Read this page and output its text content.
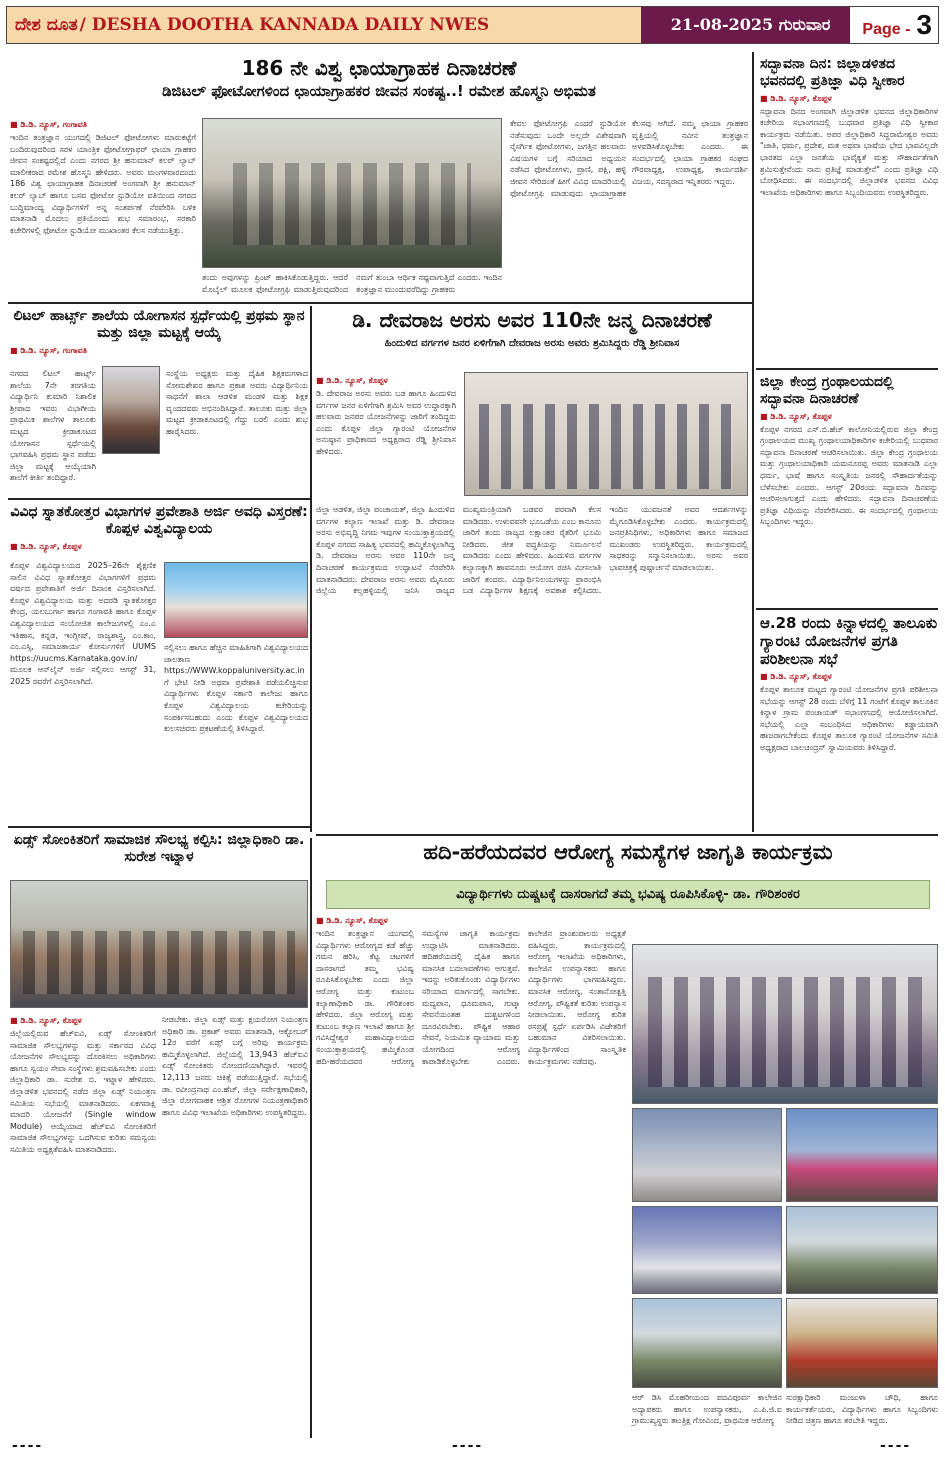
ದೇಶ ದೂತ / DESHA DOOTHA KANNADA DAILY NWES	21-08-2025 ಗುರುವಾರ	Page - 3
186 ನೇ ವಿಶ್ವ ಛಾಯಾಗ್ರಾಹಕ ದಿನಾಚರಣೆ
ಡಿಜಿಟಲ್ ಫೋಟೋಗಳಿಂದ ಛಾಯಾಗ್ರಾಹಕರ ಜೀವನ ಸಂಕಷ್ಟ..! ರಮೇಶ ಹೊಸ್ಮನಿ ಅಭಿಮತ
■ ಡಿ.ಡಿ. ನ್ಯೂಸ್, ಗಂಗಾವತಿ
ಇಂದಿನ ತಂತ್ರಜ್ಞಾನ ಯುಗದಲ್ಲಿ ಡಿಜಿಟಲ್ ಫೋಟೋಗಳು ಮಾರುಕಟ್ಟೆಗೆ ಬಂದಿರುವುದರಿಂದ ಸರಳ ಯಾಂತ್ರಿಕ ಫೋಟೋಗ್ರಾಫರ್ ಛಾಯಾ ಗ್ರಾಹಕರ ಜೀವನ ಸಂಕಷ್ಟದಲ್ಲಿದೆ ಎಂದು ನಗರದ ಶ್ರೀ ಹನುಮಾನ್ ಕಲರ್ ಲ್ಯಾಬ್ ಮಾಲೀಕರಾದ ರಮೇಶ ಹೊಸ್ಮನಿ ಹೇಳಿದರು. ಅವರು ಮಂಗಳವಾರದಂದು 186 ವಿಶ್ವ ಛಾಯಾಗ್ರಾಹಕ ದಿನಾಚರಣೆ ಅಂಗವಾಗಿ ಶ್ರೀ ಹನುಮಾನ್ ಕಲರ್ ಲ್ಯಾಬ್ ಹಾಗೂ ಬಸವ ಫೋಟೋ ಸ್ಟುಡಿಯೋ ವತಿಯಿಂದ ನಗರದ ಬುದ್ಧಿಮಾಂದ್ಯ ವಿದ್ಯಾರ್ಥಿಗಳಿಗೆ ಅನ್ನ ಸಂತರ್ಪಣೆ ನೆರವೇರಿಸಿ ಬಳಿಕ ಮಾತನಾಡಿ ಮೊದಲು ಪ್ರತಿಯೊಂದು ಶುಭ ಸಮಾರಂಭ, ಸರಕಾರಿ ಕಚೇರಿಗಳಲ್ಲಿ ಫೋಟೋ ಸ್ಟುಡಿಯೋ ಮುಖಾಂತರ ಕೆಲಸ ನಡೆಯುತ್ತಿತ್ತು.
ತಂದು ಅವುಗಳನ್ನು ಪ್ರಿಂಟ್ ಹಾಕಿಸಿಕೊಡುತ್ತಿದ್ದರು. ಆದರೆ ಮೊಬೈಲ್ ಮೂಲಕ ಫೋಟೋಗ್ರಫಿ ಮಾಡುತ್ತಿರುವುದರಿಂದ ನಮಗೆ ತುಂಬಾ ಆರ್ಥಿಕ ನಷ್ಟವಾಗುತ್ತಿದೆ ಎಂದರು. ಇಂದಿನ ತಂತ್ರಜ್ಞಾನ ಮುಂದುವರೆದಿದ್ದು ಗ್ರಾಹಕರು
ಕೇವಲ ಫೋಟೋಗ್ರಫಿ ಎಂದರೆ ಸ್ಟುಡಿಯೋ ನಡೆಸುವುದು ಒಂದೇ ಅಲ್ಲದೇ ವಿಶೇಷವಾಗಿ ನೈಸರ್ಗಿಕ ಫೋಟೋಗಳು, ಜಗತ್ತಿನ ಹಲವಾರು ವಿಷಯಗಳ ಬಗ್ಗೆ ಸರಿಯಾದ ಅಧ್ಯಯನ ನಡೆಸಿದ ಫೋಟೋಗಳು, ಪ್ರಾಣಿ, ಪಕ್ಷಿ, ಹಳ್ಳಿ ಜೀವನ ಸೇರಿದಂತೆ ಹೀಗೆ ವಿವಿಧ ಮಾದರಿಯಲ್ಲಿ ಫೋಟೋಗ್ರಫಿ ಮಾಡುವುದು ಛಾಯಾಗ್ರಾಹಕ ಕೆಲಸವು ಆಗಿದೆ. ನಮ್ಮ ಛಾಯಾ ಗ್ರಾಹಕರ ವೃತ್ತಿಯಲ್ಲಿ ನವೀನ ತಂತ್ರಜ್ಞಾನ ಅಳವಡಿಸಿಕೊಳ್ಳಬೇಕು ಎಂದರು. ಈ ಸಂದರ್ಭದಲ್ಲಿ ಛಾಯಾ ಗ್ರಾಹಕರ ಸಂಘದ ಗೌರವಾಧ್ಯಕ್ಷ, ಉಪಾಧ್ಯಕ್ಷ, ಕಾರ್ಯದರ್ಶಿ ವಿಜಯ, ಸದಸ್ಯರಾದ ಇನ್ನಿತರರು ಇದ್ದರು.
ಸದ್ಭಾವನಾ ದಿನ: ಜಿಲ್ಲಾಡಳಿತದ ಭವನದಲ್ಲಿ ಪ್ರತಿಜ್ಞಾ ವಿಧಿ ಸ್ವೀಕಾರ
■ ಡಿ.ಡಿ. ನ್ಯೂಸ್, ಕೊಪ್ಪಳ
ಸದ್ಭಾವನಾ ದಿನದ ಅಂಗವಾಗಿ ಜಿಲ್ಲಾಡಳಿತ ಭವನದ ಜಿಲ್ಲಾಧಿಕಾರಿಗಳ ಕಚೇರಿಯ ಸಭಾಂಗಣದಲ್ಲಿ ಬುಧವಾರ ಪ್ರತಿಜ್ಞಾ ವಿಧಿ ಸ್ವೀಕಾರ ಕಾರ್ಯಕ್ರಮ ನಡೆಯಿತು. ಅಪರ ಜಿಲ್ಲಾಧಿಕಾರಿ ಸಿದ್ದರಾಮೇಶ್ವರ ಅವರು "ಜಾತಿ, ಧರ್ಮ, ಪ್ರದೇಶ, ಮತ ಅಥವಾ ಭಾಷೆಯ ಭೇದ ಭಾವವಿಲ್ಲದೇ ಭಾರತದ ಎಲ್ಲಾ ಜನತೆಯ ಭಾವೈಕ್ಯತೆ ಮತ್ತು ಸೌಹಾರ್ದತೆಗಾಗಿ ಶ್ರಮಿಸುತ್ತೇನೆಂದು ನಾನು ಪ್ರತಿಜ್ಞೆ ಮಾಡುತ್ತೇನೆ" ಎಂದು ಪ್ರತಿಜ್ಞಾ ವಿಧಿ ಬೋಧಿಸಿದರು. ಈ ಸಂದರ್ಭದಲ್ಲಿ ಜಿಲ್ಲಾಡಳಿತ ಭವನದ ವಿವಿಧ ಇಲಾಖೆಯ ಅಧಿಕಾರಿಗಳು ಹಾಗೂ ಸಿಬ್ಬಂದಿಯವರು ಉಪಸ್ಥಿತರಿದ್ದರು.
ಜಿಲ್ಲಾ ಕೇಂದ್ರ ಗ್ರಂಥಾಲಯದಲ್ಲಿ ಸದ್ಭಾವನಾ ದಿನಾಚರಣೆ
■ ಡಿ.ಡಿ. ನ್ಯೂಸ್, ಕೊಪ್ಪಳ
ಕೊಪ್ಪಳ ನಗರದ ಎಸ್.ಬಿ.ಹೆಚ್ ಕಾಲೋನಿಯಲ್ಲಿರುವ ಜಿಲ್ಲಾ ಕೇಂದ್ರ ಗ್ರಂಥಾಲಯದ ಮುಖ್ಯ ಗ್ರಂಥಾಲಯಾಧಿಕಾರಿಗಳ ಕಚೇರಿಯಲ್ಲಿ ಬುಧವಾರ ಸದ್ಭಾವನಾ ದಿನಾಚರಣೆ ಆಚರಿಸಲಾಯಿತು. ಜಿಲ್ಲಾ ಕೇಂದ್ರ ಗ್ರಂಥಾಲಯ ಮತ್ತು ಗ್ರಂಥಾಲಯಾಧಿಕಾರಿ ಯಮನೂರಪ್ಪ ಅವರು ಮಾತನಾಡಿ ಎಲ್ಲಾ ಧರ್ಮ, ಭಾಷೆ ಹಾಗೂ ಸಂಸ್ಕೃತಿಯ ಜನರಲ್ಲಿ ಸೌಹಾರ್ದತೆಯನ್ನು ಬೆಳೆಸಬೇಕು ಎಂದರು. ಆಗಸ್ಟ್ 20ರಂದು ಸದ್ಭಾವನಾ ದಿನವನ್ನು ಆಚರಿಸಲಾಗುತ್ತದೆ ಎಂದು ಹೇಳಿದರು. ಸದ್ಭಾವನಾ ದಿನಾಚರಣೆಯ ಪ್ರತಿಜ್ಞಾ ವಿಧಿಯನ್ನು ನೆರವೇರಿಸಿದರು. ಈ ಸಂದರ್ಭದಲ್ಲಿ ಗ್ರಂಥಾಲಯ ಸಿಬ್ಬಂದಿಗಳು ಇದ್ದರು.
ಆ.28 ರಂದು ಕಿನ್ನಾಳದಲ್ಲಿ ತಾಲೂಕು ಗ್ಯಾರಂಟಿ ಯೋಜನೆಗಳ ಪ್ರಗತಿ ಪರಿಶೀಲನಾ ಸಭೆ
■ ಡಿ.ಡಿ. ನ್ಯೂಸ್, ಕೊಪ್ಪಳ
ಕೊಪ್ಪಳ ತಾಲೂಕ ಮಟ್ಟದ ಗ್ಯಾರಂಟಿ ಯೋಜನೆಗಳ ಪ್ರಗತಿ ಪರಿಶೀಲನಾ ಸಭೆಯನ್ನು ಆಗಸ್ಟ್ 28 ರಂದು ಬೆಳಿಗ್ಗೆ 11 ಗಂಟೆಗೆ ಕೊಪ್ಪಳ ತಾಲೂಕಿನ ಕಿನ್ನಾಳ ಗ್ರಾಮ ಪಂಚಾಯತ್ ಸಭಾಂಗಣದಲ್ಲಿ ಆಯೋಜಿಸಲಾಗಿದೆ. ಸಭೆಯಲ್ಲಿ ಎಲ್ಲಾ ಸಂಬಂಧಿಸಿದ ಅಧಿಕಾರಿಗಳು ಕಡ್ಡಾಯವಾಗಿ ಹಾಜರಾಗಬೇಕೆಂದು ಕೊಪ್ಪಳ ತಾಲೂಕ ಗ್ಯಾರಂಟಿ ಯೋಜನೆಗಳ ಸಮಿತಿ ಅಧ್ಯಕ್ಷರಾದ ಬಾಲಚಂದ್ರನ್ ಸ್ವಾಮಿಯವರು ತಿಳಿಸಿದ್ದಾರೆ.
ಲಿಟಲ್ ಹಾರ್ಟ್ಸ್ ಶಾಲೆಯ ಯೋಗಾಸನ ಸ್ಪರ್ಧೆಯಲ್ಲಿ ಪ್ರಥಮ ಸ್ಥಾನ ಮತ್ತು ಜಿಲ್ಲಾ ಮಟ್ಟಕ್ಕೆ ಆಯ್ಕೆ
■ ಡಿ.ಡಿ. ನ್ಯೂಸ್, ಗಂಗಾವತಿ
ನಗರದ ಲಿಟಲ್ ಹಾರ್ಟ್ಸ್ ಶಾಲೆಯ 7ನೇ ತರಗತಿಯ ವಿದ್ಯಾರ್ಥಿನಿ ಕುಮಾರಿ ನಿಶಾಲಿಕ ಶ್ರೀಪಾದ ಇವರು ವಿಭಾಗೀಯ ಪ್ರಾಥಮಿಕ ಶಾಲೆಗಳ ತಾಲೂಕು ಮಟ್ಟದ ಕ್ರೀಡಾಕೂಟದ ಯೋಗಾಸನ ಸ್ಪರ್ಧೆಯಲ್ಲಿ ಭಾಗವಹಿಸಿ ಪ್ರಥಮ ಸ್ಥಾನ ಪಡೆದು ಜಿಲ್ಲಾ ಮಟ್ಟಕ್ಕೆ ಆಯ್ಕೆಯಾಗಿ ಶಾಲೆಗೆ ಕೀರ್ತಿ ತಂದಿದ್ದಾರೆ.
ಸಂಸ್ಥೆಯ ಅಧ್ಯಕ್ಷರು ಮತ್ತು ದೈಹಿಕ ಶಿಕ್ಷಕರುಗಳಾದ ಸೋಮಶೇಖರ ಹಾಗೂ ಪ್ರಕಾಶ ಅವರು ವಿದ್ಯಾರ್ಥಿನಿಯ ಸಾಧನೆಗೆ ಶಾಲಾ ಆಡಳಿತ ಮಂಡಳಿ ಮತ್ತು ಶಿಕ್ಷಕ ವೃಂದದವರು ಅಭಿನಂದಿಸಿದ್ದಾರೆ. ತಾಲೂಕು ಮತ್ತು ಜಿಲ್ಲಾ ಮಟ್ಟದ ಕ್ರೀಡಾಕೂಟದಲ್ಲಿ ಗೆದ್ದು ಬರಲಿ ಎಂದು ಶುಭ ಹಾರೈಸಿದರು.
ವಿವಿಧ ಸ್ನಾತಕೋತ್ತರ ವಿಭಾಗಗಳ ಪ್ರವೇಶಾತಿ ಅರ್ಜಿ ಅವಧಿ ವಿಸ್ತರಣೆ: ಕೊಪ್ಪಳ ವಿಶ್ವವಿದ್ಯಾಲಯ
■ ಡಿ.ಡಿ. ನ್ಯೂಸ್, ಕೊಪ್ಪಳ
ಕೊಪ್ಪಳ ವಿಶ್ವವಿದ್ಯಾಲಯದ 2025–26ನೇ ಶೈಕ್ಷಣಿಕ ಸಾಲಿನ ವಿವಿಧ ಸ್ನಾತಕೋತ್ತರ ವಿಭಾಗಗಳಿಗೆ ಪ್ರಥಮ ವರ್ಷದ ಪ್ರವೇಶಾತಿಗೆ ಅರ್ಜಿ ದಿನಾಂಕ ವಿಸ್ತರಿಸಲಾಗಿದೆ. ಕೊಪ್ಪಳ ವಿಶ್ವವಿದ್ಯಾಲಯ ಮತ್ತು ಅದರಡಿ ಸ್ನಾತಕೋತ್ತರ ಕೇಂದ್ರ, ಯಲಬುರ್ಗಾ ಹಾಗೂ ಗಂಗಾವತಿ ಹಾಗೂ ಕೊಪ್ಪಳ ವಿಶ್ವವಿದ್ಯಾಲಯದ ಸಂಯೋಜಿತ ಕಾಲೇಜುಗಳಲ್ಲಿ ಎಂ.ಎ ಇತಿಹಾಸ, ಕನ್ನಡ, ಇಂಗ್ಲೀಷ್, ರಾಜ್ಯಶಾಸ್ತ್ರ, ಎಂ.ಕಾಂ, ಎಂ.ಎಸ್ಸಿ, ಸಮಾಜಕಾರ್ಯ ಕೋರ್ಸುಗಳಿಗೆ UUMS https://uucms.Karnataka.gov.in/ ಮೂಲಕ ಆನ್‌ಲೈನ್ ಅರ್ಜಿ ಸಲ್ಲಿಸಲು ಆಗಸ್ಟ್ 31, 2025 ರವರೆಗೆ ವಿಸ್ತರಿಸಲಾಗಿದೆ.
ಸಲ್ಲಿಸಲು ಹಾಗೂ ಹೆಚ್ಚಿನ ಮಾಹಿತಿಗಾಗಿ ವಿಶ್ವವಿದ್ಯಾಲಯದ ಜಾಲತಾಣ https://WWW.koppaluniversity.ac.in ಗೆ ಭೇಟಿ ನೀಡಿ ಅಥವಾ ಪ್ರವೇಶಾತಿ ಪಡೆಯಲಿಚ್ಚಿಸುವ ವಿದ್ಯಾರ್ಥಿಗಳು ಕೊಪ್ಪಳ ಸರ್ಕಾರಿ ಕಾಲೇಜು ಹಾಗೂ ಕೊಪ್ಪಳ ವಿಶ್ವವಿದ್ಯಾಲಯ ಕಚೇರಿಯನ್ನು ಸಂಪರ್ಕಿಸಬಹುದು ಎಂದು ಕೊಪ್ಪಳ ವಿಶ್ವವಿದ್ಯಾಲಯದ ಕುಲಸಚಿವರು ಪ್ರಕಟಣೆಯಲ್ಲಿ ತಿಳಿಸಿದ್ದಾರೆ.
ಡಿ. ದೇವರಾಜ ಅರಸು ಅವರ 110ನೇ ಜನ್ಮ ದಿನಾಚರಣೆ
ಹಿಂದುಳಿದ ವರ್ಗಗಳ ಜನರ ಏಳಿಗೆಗಾಗಿ ದೇವರಾಜ ಅರಸು ಅವರು ಶ್ರಮಿಸಿದ್ದರು ರೆಡ್ಡಿ ಶ್ರೀನಿವಾಸ
■ ಡಿ.ಡಿ. ನ್ಯೂಸ್, ಕೊಪ್ಪಳ
ಡಿ. ದೇವರಾಜ ಅರಸು ಅವರು ಬಡ ಹಾಗೂ ಹಿಂದುಳಿದ ವರ್ಗಗಳ ಜನರ ಏಳಿಗೆಗಾಗಿ ಶ್ರಮಿಸಿ ಅವರ ಉದ್ಧಾರಕ್ಕಾಗಿ ಹಲವಾರು ಜನಪರ ಯೋಜನೆಗಳನ್ನು ಜಾರಿಗೆ ತಂದಿದ್ದರು ಎಂದು ಕೊಪ್ಪಳ ಜಿಲ್ಲಾ ಗ್ಯಾರಂಟಿ ಯೋಜನೆಗಳ ಅನುಷ್ಠಾನ ಪ್ರಾಧಿಕಾರದ ಅಧ್ಯಕ್ಷರಾದ ರೆಡ್ಡಿ ಶ್ರೀನಿವಾಸ ಹೇಳಿದರು.
ಜಿಲ್ಲಾ ಆಡಳಿತ, ಜಿಲ್ಲಾ ಪಂಚಾಯತ್, ಜಿಲ್ಲಾ ಹಿಂದುಳಿದ ವರ್ಗಗಳ ಕಲ್ಯಾಣ ಇಲಾಖೆ ಮತ್ತು ಡಿ. ದೇವರಾಜ ಅರಸು ಅಭಿವೃದ್ಧಿ ನಿಗಮ ಇವುಗಳ ಸಂಯುಕ್ತಾಶ್ರಯದಲ್ಲಿ ಕೊಪ್ಪಳ ನಗರದ ಸಾಹಿತ್ಯ ಭವನದಲ್ಲಿ ಹಮ್ಮಿಕೊಳ್ಳಲಾಗಿದ್ದ ಡಿ. ದೇವರಾಜ ಅರಸು ಅವರ 110ನೇ ಜನ್ಮ ದಿನಾಚರಣೆ ಕಾರ್ಯಕ್ರಮದ ಉದ್ಘಾಟನೆ ನೆರವೇರಿಸಿ ಮಾತನಾಡಿದರು. ದೇವರಾಜ ಅರಸು ಅವರು ಮೈಸೂರು ಜಿಲ್ಲೆಯ ಕಲ್ಲಹಳ್ಳಿಯಲ್ಲಿ ಜನಿಸಿ ರಾಜ್ಯದ ಮುಖ್ಯಮಂತ್ರಿಯಾಗಿ ಬಡವರ ಪರವಾಗಿ ಕೆಲಸ ಮಾಡಿದರು. ಉಳುವವನೇ ಭೂಒಡೆಯ ಎಂಬ ಕಾನೂನು ಜಾರಿಗೆ ತಂದು ರಾಜ್ಯದ ಲಕ್ಷಾಂತರ ರೈತರಿಗೆ ಭೂಮಿ ನೀಡಿದರು. ಜೀತ ಪದ್ಧತಿಯನ್ನು ನಿರ್ಮೂಲನೆ ಮಾಡಿದರು ಎಂದು ಹೇಳಿದರು. ಹಿಂದುಳಿದ ವರ್ಗಗಳ ಕಲ್ಯಾಣಕ್ಕಾಗಿ ಹಾವನೂರು ಆಯೋಗ ರಚಿಸಿ ಮೀಸಲಾತಿ ಜಾರಿಗೆ ತಂದರು. ವಿದ್ಯಾರ್ಥಿನಿಲಯಗಳನ್ನು ಪ್ರಾರಂಭಿಸಿ ಬಡ ವಿದ್ಯಾರ್ಥಿಗಳ ಶಿಕ್ಷಣಕ್ಕೆ ಅವಕಾಶ ಕಲ್ಪಿಸಿದರು. ಇಂದಿನ ಯುವಜನತೆ ಅವರ ಆದರ್ಶಗಳನ್ನು ಮೈಗೂಡಿಸಿಕೊಳ್ಳಬೇಕು ಎಂದರು. ಕಾರ್ಯಕ್ರಮದಲ್ಲಿ ಜನಪ್ರತಿನಿಧಿಗಳು, ಅಧಿಕಾರಿಗಳು ಹಾಗೂ ಸಮಾಜದ ಮುಖಂಡರು ಉಪಸ್ಥಿತರಿದ್ದರು. ಕಾರ್ಯಕ್ರಮದಲ್ಲಿ ಸಾಧಕರನ್ನು ಸನ್ಮಾನಿಸಲಾಯಿತು. ಅರಸು ಅವರ ಭಾವಚಿತ್ರಕ್ಕೆ ಪುಷ್ಪಾರ್ಚನೆ ಮಾಡಲಾಯಿತು.
ಏಡ್ಸ್ ಸೋಂಕಿತರಿಗೆ ಸಾಮಾಜಿಕ ಸೌಲಭ್ಯ ಕಲ್ಪಿಸಿ: ಜಿಲ್ಲಾಧಿಕಾರಿ ಡಾ. ಸುರೇಶ ಇಟ್ನಾಳ
■ ಡಿ.ಡಿ. ನ್ಯೂಸ್, ಕೊಪ್ಪಳ
ಜಿಲ್ಲೆಯಲ್ಲಿರುವ ಹೆಚ್‌ಐವಿ, ಏಡ್ಸ್ ಸೋಂಕಿತರಿಗೆ ಸಾಮಾಜಿಕ ಸೌಲಭ್ಯಗಳನ್ನು ಮತ್ತು ಸರ್ಕಾರದ ವಿವಿಧ ಯೋಜನೆಗಳ ಸೌಲಭ್ಯವನ್ನು ದೊರಕಿಸಲು ಅಧಿಕಾರಿಗಳು ಹಾಗೂ ಸ್ವಯಂ ಸೇವಾ ಸಂಸ್ಥೆಗಳು ಶ್ರಮವಹಿಸಬೇಕು ಎಂದು ಜಿಲ್ಲಾಧಿಕಾರಿ ಡಾ. ಸುರೇಶ ಬಿ. ಇಟ್ನಾಳ ಹೇಳಿದರು. ಜಿಲ್ಲಾಡಳಿತ ಭವನದಲ್ಲಿ ನಡೆದ ಜಿಲ್ಲಾ ಏಡ್ಸ್ ನಿಯಂತ್ರಣ ಸಮಿತಿಯ ಸಭೆಯಲ್ಲಿ ಮಾತನಾಡಿದರು. ಏಕಗವಾಕ್ಷಿ ಮಾದರಿ ಯೋಜನೆಗೆ (Single window Module) ಆಯ್ಕೆಯಾದ ಹೆಚ್‌ಐವಿ ಸೋಂಕಿತರಿಗೆ ಸಾಮಾಜಿಕ ಸೌಲಭ್ಯಗಳನ್ನು ಒದಗಿಸುವ ಕುರಿತು ಸಮನ್ವಯ ಸಮಿತಿಯ ಅಧ್ಯಕ್ಷತೆವಹಿಸಿ ಮಾತನಾಡಿದರು.
ನೀಡಬೇಕು. ಜಿಲ್ಲಾ ಏಡ್ಸ್ ಮತ್ತು ಕ್ಷಯರೋಗ ನಿಯಂತ್ರಣ ಅಧಿಕಾರಿ ಡಾ. ಪ್ರಕಾಶ್ ಅವರು ಮಾತನಾಡಿ, ಆಕ್ಟೋಬರ್ 12ರ ವರೆಗೆ ಏಡ್ಸ್ ಬಗ್ಗೆ ಅರಿವು ಕಾರ್ಯಕ್ರಮ ಹಮ್ಮಿಕೊಳ್ಳಲಾಗಿದೆ. ಜಿಲ್ಲೆಯಲ್ಲಿ 13,943 ಹೆಚ್‌ಐವಿ ಏಡ್ಸ್ ಸೋಂಕಿತರು ನೋಂದಣಿಯಾಗಿದ್ದಾರೆ. ಇವರಲ್ಲಿ 12,113 ಜನರು ಚಿಕಿತ್ಸೆ ಪಡೆಯುತ್ತಿದ್ದಾರೆ. ಸಭೆಯಲ್ಲಿ ಡಾ. ರವೀಂದ್ರನಾಥ ಎಂ.ಹೆಚ್, ಜಿಲ್ಲಾ ಸರ್ವೇಕ್ಷಣಾಧಿಕಾರಿ, ಜಿಲ್ಲಾ ರೋಗವಾಹಕ ಆಶ್ರಿತ ರೋಗಗಳ ನಿಯಂತ್ರಣಾಧಿಕಾರಿ ಹಾಗೂ ವಿವಿಧ ಇಲಾಖೆಯ ಅಧಿಕಾರಿಗಳು ಉಪಸ್ಥಿತರಿದ್ದರು.
ಹದಿ-ಹರೆಯದವರ ಆರೋಗ್ಯ ಸಮಸ್ಯೆಗಳ ಜಾಗೃತಿ ಕಾರ್ಯಕ್ರಮ
ವಿದ್ಯಾರ್ಥಿಗಳು ದುಷ್ಚಟಕ್ಕೆ ದಾಸರಾಗದೆ ತಮ್ಮ ಭವಿಷ್ಯ ರೂಪಿಸಿಕೊಳ್ಳಿ- ಡಾ. ಗೌರಿಶಂಕರ
■ ಡಿ.ಡಿ. ನ್ಯೂಸ್, ಕೊಪ್ಪಳ
ಇಂದಿನ ತಂತ್ರಜ್ಞಾನ ಯುಗದಲ್ಲಿ ವಿದ್ಯಾರ್ಥಿಗಳು ಆರೋಗ್ಯದ ಕಡೆ ಹೆಚ್ಚು ಗಮನ ಹರಿಸಿ, ಕೆಟ್ಟ ಚಟಗಳಿಗೆ ದಾಸರಾಗದೆ ತಮ್ಮ ಭವಿಷ್ಯ ರೂಪಿಸಿಕೊಳ್ಳಬೇಕು ಎಂದು ಜಿಲ್ಲಾ ಆರೋಗ್ಯ ಮತ್ತು ಕುಟುಂಬ ಕಲ್ಯಾಣಾಧಿಕಾರಿ ಡಾ. ಗೌರಿಶಂಕರ ಹೇಳಿದರು. ಜಿಲ್ಲಾ ಆರೋಗ್ಯ ಮತ್ತು ಕುಟುಂಬ ಕಲ್ಯಾಣ ಇಲಾಖೆ ಹಾಗೂ ಶ್ರೀ ಗವಿಸಿದ್ದೇಶ್ವರ ಮಹಾವಿದ್ಯಾಲಯದ ಸಂಯುಕ್ತಾಶ್ರಯದಲ್ಲಿ ಹಮ್ಮಿಕೊಂಡ ಹದಿ-ಹರೆಯದವರ ಆರೋಗ್ಯ ಸಮಸ್ಯೆಗಳ ಜಾಗೃತಿ ಕಾರ್ಯಕ್ರಮ ಉದ್ಘಾಟಿಸಿ ಮಾತನಾಡಿದರು. ಹದಿಹರೆಯದಲ್ಲಿ ದೈಹಿಕ ಹಾಗೂ ಮಾನಸಿಕ ಬದಲಾವಣೆಗಳು ಆಗುತ್ತವೆ. ಇದನ್ನು ಅರಿತುಕೊಂಡು ವಿದ್ಯಾರ್ಥಿಗಳು ಸರಿಯಾದ ಮಾರ್ಗದಲ್ಲಿ ಸಾಗಬೇಕು. ಮದ್ಯಪಾನ, ಧೂಮಪಾನ, ಗುಟ್ಕಾ ಸೇವನೆಯಂತಹ ದುಶ್ಚಟಗಳಿಂದ ದೂರವಿರಬೇಕು. ಪೌಷ್ಟಿಕ ಆಹಾರ ಸೇವನೆ, ನಿಯಮಿತ ವ್ಯಾಯಾಮ ಮತ್ತು ಯೋಗದಿಂದ ಆರೋಗ್ಯ ಕಾಪಾಡಿಕೊಳ್ಳಬೇಕು ಎಂದರು. ಕಾಲೇಜಿನ ಪ್ರಾಂಶುಪಾಲರು ಅಧ್ಯಕ್ಷತೆ ವಹಿಸಿದ್ದರು. ಕಾರ್ಯಕ್ರಮದಲ್ಲಿ ಆರೋಗ್ಯ ಇಲಾಖೆಯ ಅಧಿಕಾರಿಗಳು, ಕಾಲೇಜಿನ ಉಪನ್ಯಾಸಕರು ಹಾಗೂ ವಿದ್ಯಾರ್ಥಿಗಳು ಭಾಗವಹಿಸಿದ್ದರು. ಮಾನಸಿಕ ಆರೋಗ್ಯ, ಸಂತಾನೋತ್ಪತ್ತಿ ಆರೋಗ್ಯ, ಪೌಷ್ಟಿಕತೆ ಕುರಿತು ಉಪನ್ಯಾಸ ನೀಡಲಾಯಿತು. ಆರೋಗ್ಯ ಕುರಿತ ರಸಪ್ರಶ್ನೆ ಸ್ಪರ್ಧೆ ಏರ್ಪಡಿಸಿ ವಿಜೇತರಿಗೆ ಬಹುಮಾನ ವಿತರಿಸಲಾಯಿತು. ವಿದ್ಯಾರ್ಥಿಗಳಿಂದ ಸಾಂಸ್ಕೃತಿಕ ಕಾರ್ಯಕ್ರಮಗಳು ನಡೆದವು.
ಆರ್ ಡಿಸಿ ಮೊಹರೀಯಂದ ಪದವಿಪೂರ್ವ ಕಾಲೇಜಿನ ಅದ್ಯಾಪಕರು ಹಾಗೂ ಉಪನ್ಯಾಸಕರು, ಎ.ಪಿ.ಜಿ.ಐ ಗ್ರಾಮುಖ್ಯಸ್ಥರು ತಾಂತ್ರಿಕ್ಷ ಗೋವಿಂದ, ಪ್ರಾಥಮಿಕ ಆರೋಗ್ಯ
ಸುರಕ್ಷಾಧಿಕಾರಿ ಮಂಜುಳಾ ಚೌಧಿ, ಹಾಗೂ ಕಾರ್ಯಕರ್ತೆಯರು, ವಿದ್ಯಾರ್ಥಿಗಳು ಹಾಗೂ ಸಿಬ್ಬಂದಿಗಳು ನೀಡಿದ ಚಿತ್ರಣ ಹಾಗೂ ತರಬೇತಿ ಇದ್ದರು.
----	----	----
